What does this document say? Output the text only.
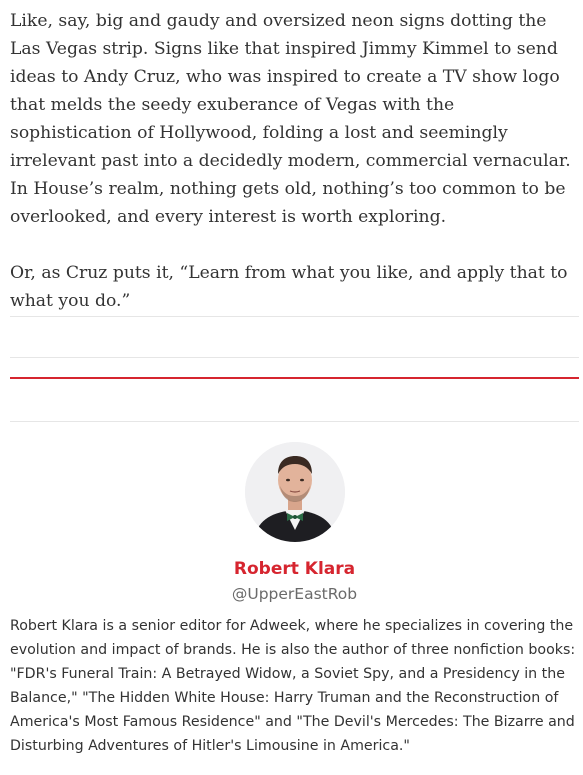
Like, say, big and gaudy and oversized neon signs dotting the Las Vegas strip. Signs like that inspired Jimmy Kimmel to send ideas to Andy Cruz, who was inspired to create a TV show logo that melds the seedy exuberance of Vegas with the sophistication of Hollywood, folding a lost and seemingly irrelevant past into a decidedly modern, commercial vernacular. In House’s realm, nothing gets old, nothing’s too common to be overlooked, and every interest is worth exploring.

Or, as Cruz puts it, “Learn from what you like, and apply that to what you do.”

Robert Klara
@UpperEastRob
Robert Klara is a senior editor for Adweek, where he specializes in covering the evolution and impact of brands. He is also the author of three nonfiction books: "FDR's Funeral Train: A Betrayed Widow, a Soviet Spy, and a Presidency in the Balance," "The Hidden White House: Harry Truman and the Reconstruction of America's Most Famous Residence" and "The Devil's Mercedes: The Bizarre and Disturbing Adventures of Hitler's Limousine in America."
